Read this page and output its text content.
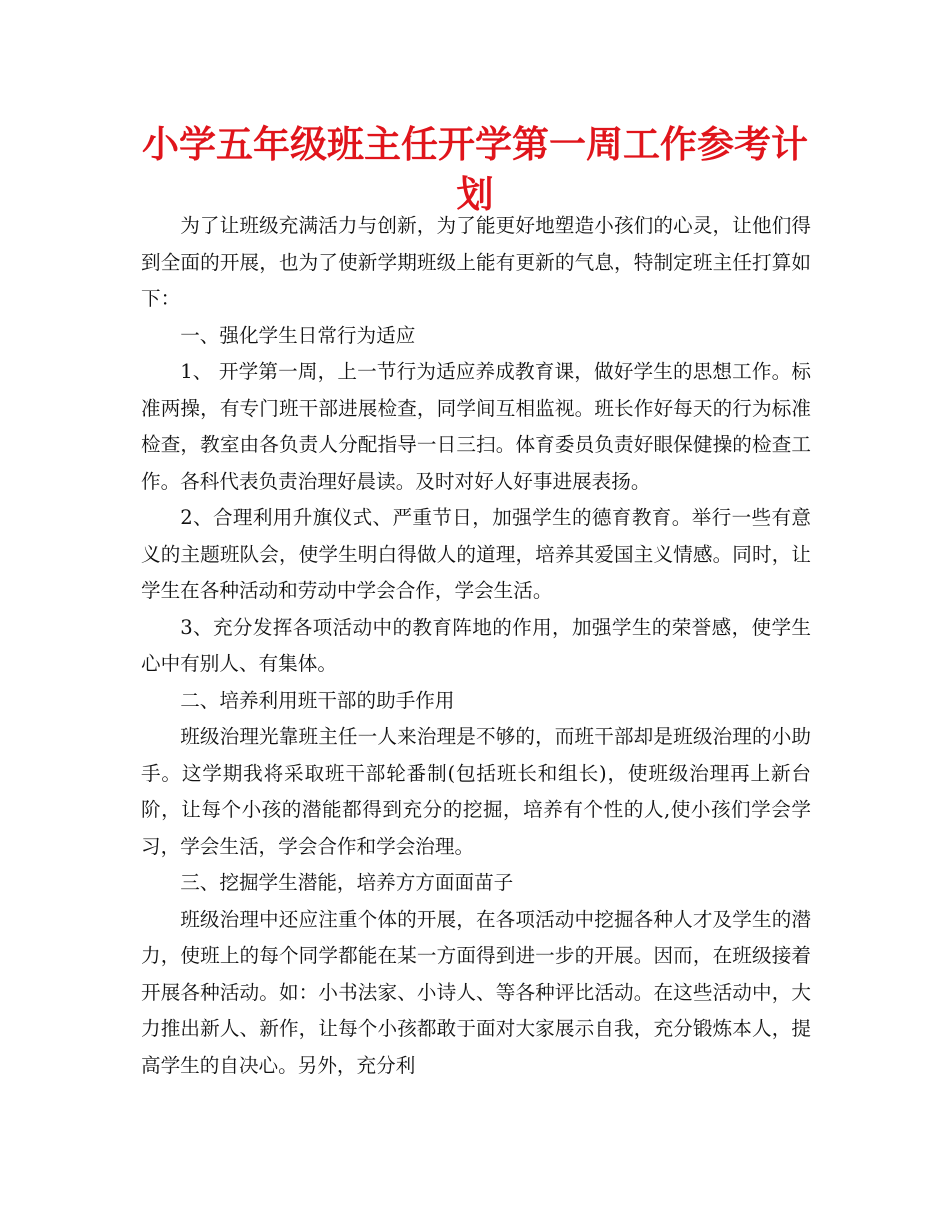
小学五年级班主任开学第一周工作参考计划

为了让班级充满活力与创新，为了能更好地塑造小孩们的心灵，让他们得到全面的开展，也为了使新学期班级上能有更新的气息，特制定班主任打算如下：

一、强化学生日常行为适应

1、 开学第一周，上一节行为适应养成教育课，做好学生的思想工作。标准两操，有专门班干部进展检查，同学间互相监视。班长作好每天的行为标准检查，教室由各负责人分配指导一日三扫。体育委员负责好眼保健操的检查工作。各科代表负责治理好晨读。及时对好人好事进展表扬。

2、合理利用升旗仪式、严重节日，加强学生的德育教育。举行一些有意义的主题班队会，使学生明白得做人的道理，培养其爱国主义情感。同时，让学生在各种活动和劳动中学会合作，学会生活。

3、充分发挥各项活动中的教育阵地的作用，加强学生的荣誉感，使学生心中有别人、有集体。

二、培养利用班干部的助手作用

班级治理光靠班主任一人来治理是不够的，而班干部却是班级治理的小助手。这学期我将采取班干部轮番制(包括班长和组长)，使班级治理再上新台阶，让每个小孩的潜能都得到充分的挖掘，培养有个性的人,使小孩们学会学习，学会生活，学会合作和学会治理。

三、挖掘学生潜能，培养方方面面苗子

班级治理中还应注重个体的开展，在各项活动中挖掘各种人才及学生的潜力，使班上的每个同学都能在某一方面得到进一步的开展。因而，在班级接着开展各种活动。如：小书法家、小诗人、等各种评比活动。在这些活动中，大力推出新人、新作，让每个小孩都敢于面对大家展示自我，充分锻炼本人，提高学生的自决心。另外，充分利
